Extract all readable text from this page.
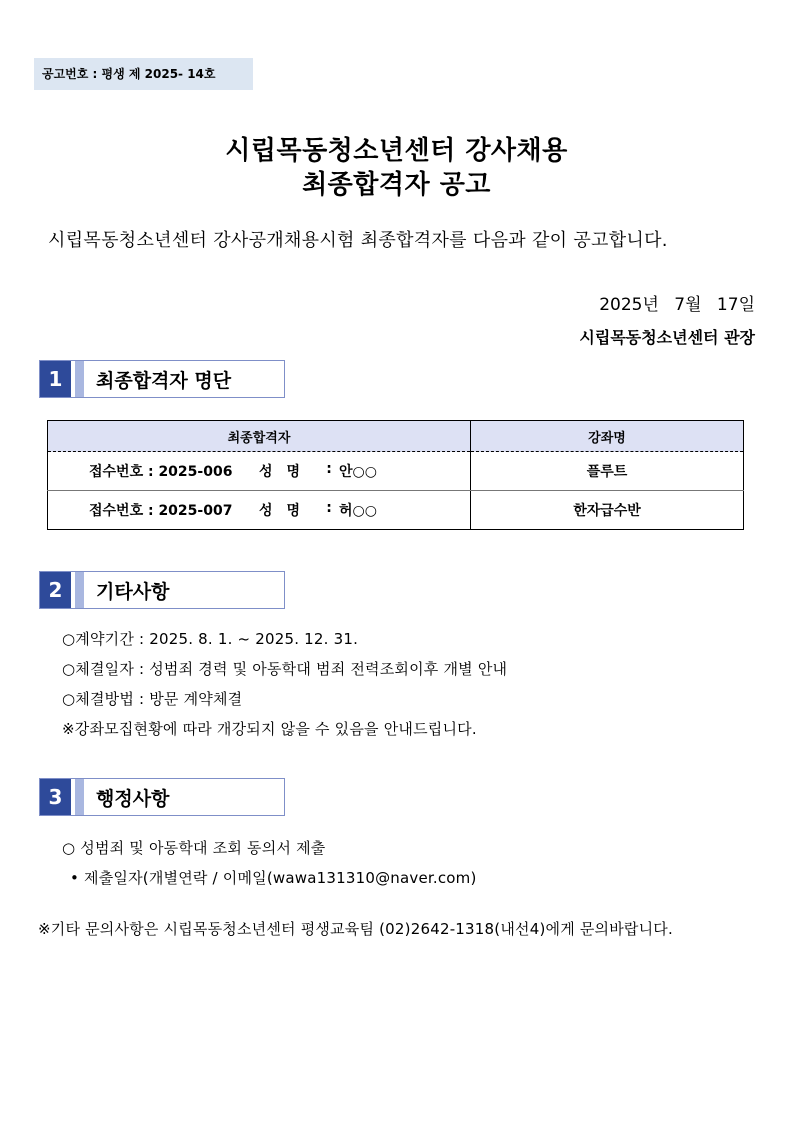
공고번호 : 평생 제 2025- 14호
시립목동청소년센터 강사채용
최종합격자 공고
시립목동청소년센터 강사공개채용시험 최종합격자를 다음과 같이 공고합니다.
2025년 7월 17일
시립목동청소년센터 관장
1	최종합격자 명단
최종합격자	강좌명

접수번호 : 2025-006 성명 : 안○○	플루트

접수번호 : 2025-007 성명 : 허○○	한자급수반
2	기타사항
○계약기간 : 2025. 8. 1. ~ 2025. 12. 31.
○체결일자 : 성범죄 경력 및 아동학대 범죄 전력조회이후 개별 안내
○체결방법 : 방문 계약체결
※강좌모집현황에 따라 개강되지 않을 수 있음을 안내드립니다.
3	행정사항
○ 성범죄 및 아동학대 조회 동의서 제출
• 제출일자(개별연락 / 이메일(wawa131310@naver.com)
※기타 문의사항은 시립목동청소년센터 평생교육팀 (02)2642-1318(내선4)에게 문의바랍니다.
